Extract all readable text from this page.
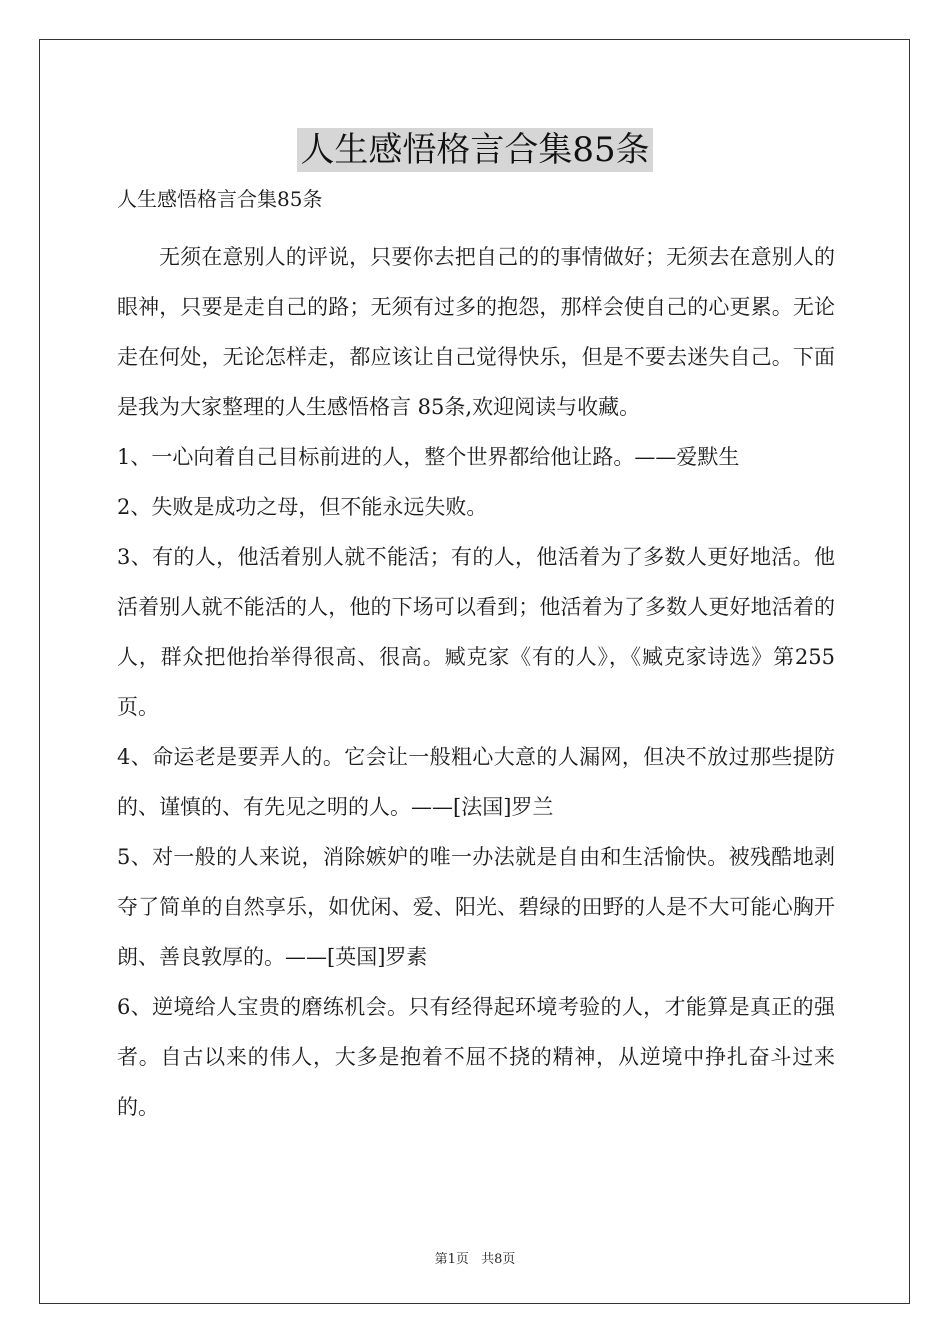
人生感悟格言合集85条
人生感悟格言合集85条

无须在意别人的评说，只要你去把自己的的事情做好；无须去在意别人的眼神，只要是走自己的路；无须有过多的抱怨，那样会使自己的心更累。无论走在何处，无论怎样走，都应该让自己觉得快乐，但是不要去迷失自己。下面是我为大家整理的人生感悟格言 85条,欢迎阅读与收藏。

1、一心向着自己目标前进的人，整个世界都给他让路。——爱默生

2、失败是成功之母，但不能永远失败。

3、有的人，他活着别人就不能活；有的人，他活着为了多数人更好地活。他活着别人就不能活的人，他的下场可以看到；他活着为了多数人更好地活着的人，群众把他抬举得很高、很高。臧克家《有的人》，《臧克家诗选》第255页。

4、命运老是要弄人的。它会让一般粗心大意的人漏网，但决不放过那些提防的、谨慎的、有先见之明的人。——[法国]罗兰

5、对一般的人来说，消除嫉妒的唯一办法就是自由和生活愉快。被残酷地剥夺了简单的自然享乐，如优闲、爱、阳光、碧绿的田野的人是不大可能心胸开朗、善良敦厚的。——[英国]罗素

6、逆境给人宝贵的磨练机会。只有经得起环境考验的人，才能算是真正的强者。自古以来的伟人，大多是抱着不屈不挠的精神，从逆境中挣扎奋斗过来的。

第1页 共8页
